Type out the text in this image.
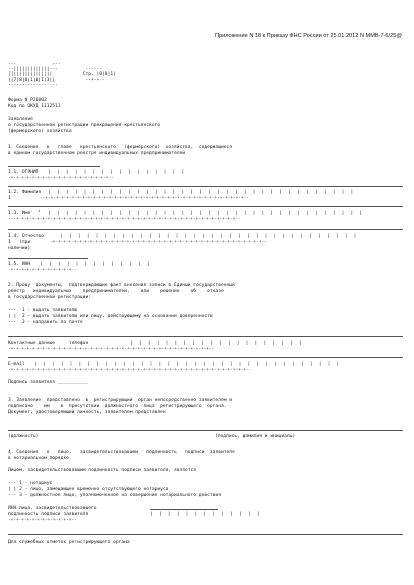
Приложение N 18 к Приказу ФНС России от 25.01.2012 N ММВ-7-6/25@
---             ---
--|||||||||||||---          ------
||||||||||||||||           Стр. |0|0|1|
||7|8|0|1|0|1|3||           --+-+--
------------------
Форма N Р26002
Код по ОКУД 1112511
Заявление
о государственной регистрации прекращения крестьянского
(фермерского) хозяйства
1. Сведения   о   главе   крестьянского   (фермерского)  хозяйства,  содержащиеся
в едином государственном реестре индивидуальных предпринимателей
1.1. ОГРНИП |  |  |  |  |  |  |  |  |  |  |  |  |  |  |  |
-+-+-+-+-+-+-+-+-+-+-+-+-+-+-+-+-+-+-+--
1.2. Фамилия |  |  |  |  |  |  |  |  |  |  |  |  |  |  |  |  |  |  |  |  |  |  |  |  |  |  |  |  |  |  |  |  |  |  |
1	--+-+-+-+-+-+-+-+-+-+-+-+-+-+-+-+-+-+-+-+-+-+-+-+-+-+-+-+-+-+-+-+-+-+-+-+-+-+--
1.3. Имя 1 |  |  |  |  |  |  |  |  |  |  |  |  |  |  |  |  |  |  |  |  |  |  |  |  |  |  |  |  |  |  |  |  |  |  |  |
---+-+-+-+-+-+-+-+-+-+-+-+-+-+-+-+-+-+-+-+-+-+-+-+-+-+-+-+-+-+-+-+-+-+-+-+-+-+-+-+-+-+--
1.4. Отчество	|  |  |  |  |  |  |  |  |  |  |  |  |  |  |  |  |  |  |  |  |  |  |  |  |  |  |  |  |  |  |  |  |  |
1   (при	-+-+-+-+-+-+-+-+-+-+-+-+-+-+-+-+-+-+-+-+-+-+-+-+-+-+-+-+-+-+-+-+-+-+-+-+-+-+-+-+--
наличии)
1.5. ИНН |  |  |  |  |  |  |  |  |  |  |  |  |
-+-+-+-+-+-+-+-+-+-+-+-+--
2. Прошу  документы,  подтверждающие факт внесения записи в Единый государственный
реестр   индивидуальных    предпринимателей,    или    решение    об    отказе
в государственной регистрации:
---  1 - выдать заявителю
| |  2 - выдать заявителю или лицу, действующему на основании доверенности
---  3 - направить по почте
Контактные данные     телефон	|  |  |  |  |  |  |  |  |  |  |  |  |  |  |  |  |  |  |  |
-+-+-+-+-+-+-+-+-+-+-+-+-+-+-+-+-+-+-+-+-+-+-+-+-+-+-+-+-+-+-+-+-+-+-+-+-+-+--
E-mail |  |  |  |  |  |  |  |  |  |  |  |  |  |  |  |  |  |  |  |  |  |  |  |  |  |  |  |  |  |  |  |  |  |  |
-+-+-+-+-+-+-+-+-+-+-+-+-+-+-+-+-+-+-+-+-+-+-+-+-+-+-+-+-+-+-+-+-+-+-+-+-+-+-+-+-+-+-+-+-+--
Подпись заявителя ___________
3. Заявление  представлено  в  регистрирующий  орган непосредственно заявителем и
подписано    им    в  присутствии  должностного  лица  регистрирующего  органа.
Документ, удостоверяющий личность, заявителем представлен
(должность)	(подпись, фамилия и инициалы)
4. Сведения   о   лице,   засвидетельствовавшем   подлинность   подписи  заявителя
в нотариальном порядке
Лицом, засвидетельствовавшим подлинность подписи заявителя, является
--- 1 - нотариус
| | 2 - лицо, замещающее временно отсутствующего нотариуса
--- 3 - должностное лицо, уполномоченное на совершение нотариального действия
ИНН лица, засвидетельствовавшего
подлинность подписи заявителя	|  |  |  |  |  |  |  |  |  |  |  |  |
-+-+-+-+-+-+-+-+-+-+-+-+--
Для служебных отметок регистрирующего органа
